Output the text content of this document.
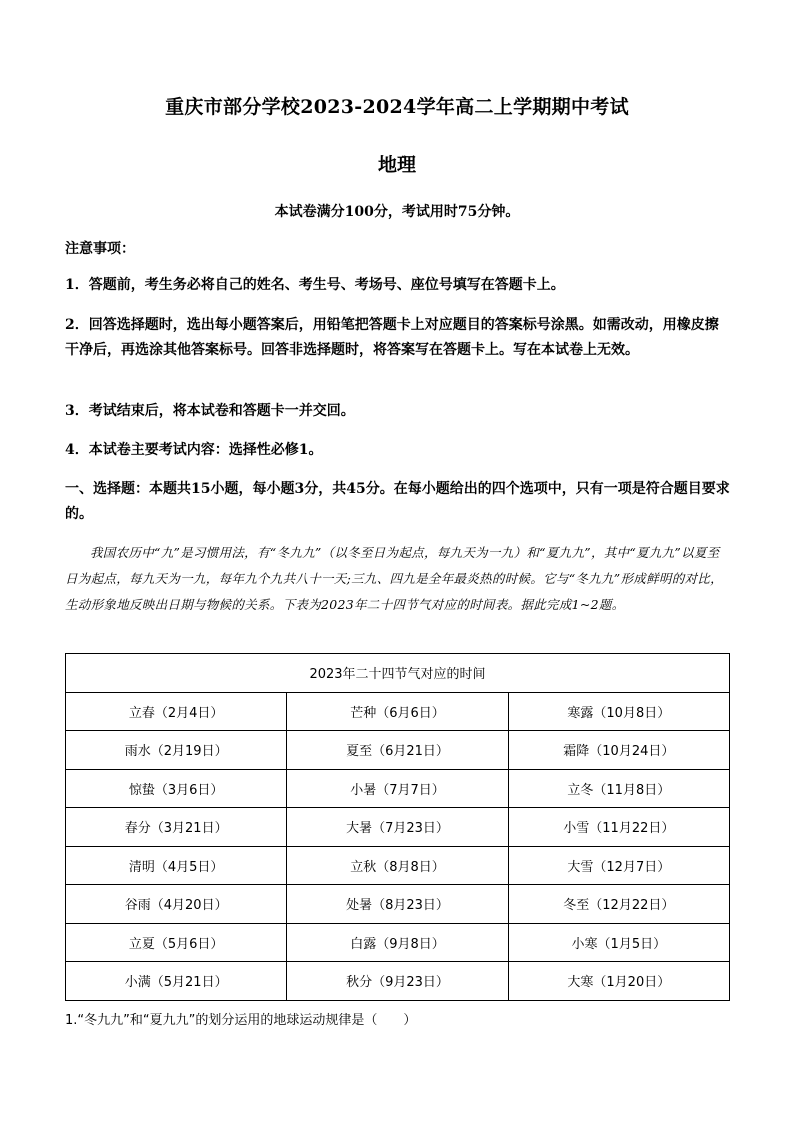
重庆市部分学校2023-2024学年高二上学期期中考试
地理
本试卷满分100分，考试用时75分钟。
注意事项：
1．答题前，考生务必将自己的姓名、考生号、考场号、座位号填写在答题卡上。
2．回答选择题时，选出每小题答案后，用铅笔把答题卡上对应题目的答案标号涂黑。如需改动，用橡皮擦干净后，再选涂其他答案标号。回答非选择题时，将答案写在答题卡上。写在本试卷上无效。
3．考试结束后，将本试卷和答题卡一并交回。
4．本试卷主要考试内容：选择性必修1。
一、选择题：本题共15小题，每小题3分，共45分。在每小题给出的四个选项中，只有一项是符合题目要求的。
我国农历中“九”是习惯用法，有“冬九九”（以冬至日为起点，每九天为一九）和“夏九九”，其中“夏九九”以夏至日为起点，每九天为一九，每年九个九共八十一天;三九、四九是全年最炎热的时候。它与“冬九九”形成鲜明的对比，生动形象地反映出日期与物候的关系。下表为2023年二十四节气对应的时间表。据此完成1~2题。
2023年二十四节气对应的时间		
立春（2月4日）	芒种（6月6日）	寒露（10月8日）
雨水（2月19日）	夏至（6月21日）	霜降（10月24日）
惊蛰（3月6日）	小暑（7月7日）	立冬（11月8日）
春分（3月21日）	大暑（7月23日）	小雪（11月22日）
清明（4月5日）	立秋（8月8日）	大雪（12月7日）
谷雨（4月20日）	处暑（8月23日）	冬至（12月22日）
立夏（5月6日）	白露（9月8日）	小寒（1月5日）
小满（5月21日）	秋分（9月23日）	大寒（1月20日）
1.“冬九九”和“夏九九”的划分运用的地球运动规律是（　　）
